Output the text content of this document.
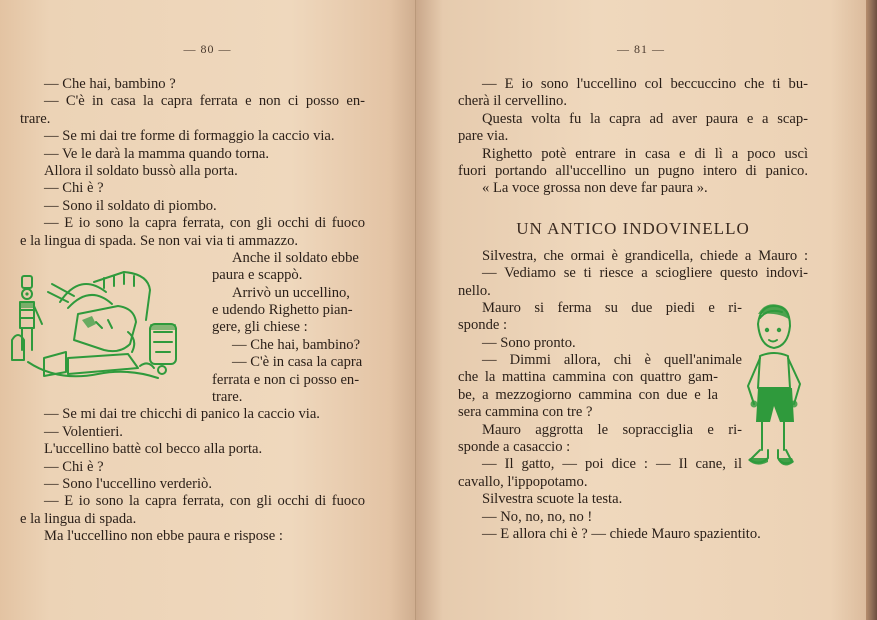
— 80 —
— Che hai, bambino ?
— C'è in casa la capra ferrata e non ci posso en-
trare.
— Se mi dai tre forme di formaggio la caccio via.
— Ve le darà la mamma quando torna.
Allora il soldato bussò alla porta.
— Chi è ?
— Sono il soldato di piombo.
— E io sono la capra ferrata, con gli occhi di fuoco
e la lingua di spada. Se non vai via ti ammazzo.
Anche il soldato ebbe
paura e scappò.
Arrivò un uccellino,
e udendo Righetto pian-
gere, gli chiese :
— Che hai, bambino?
— C'è in casa la capra
ferrata e non ci posso en-
trare.
— Se mi dai tre chicchi di panico la caccio via.
— Volentieri.
L'uccellino battè col becco alla porta.
— Chi è ?
— Sono l'uccellino verderiò.
— E io sono la capra ferrata, con gli occhi di fuoco
e la lingua di spada.
Ma l'uccellino non ebbe paura e rispose :
— 81 —
— E io sono l'uccellino col beccuccino che ti bu-
cherà il cervellino.
Questa volta fu la capra ad aver paura e a scap-
pare via.
Righetto potè entrare in casa e di lì a poco uscì
fuori portando all'uccellino un pugno intero di panico.
« La voce grossa non deve far paura ».
UN ANTICO INDOVINELLO
Silvestra, che ormai è grandicella, chiede a Mauro :
— Vediamo se ti riesce a sciogliere questo indovi-
nello.
Mauro si ferma su due piedi e ri-
sponde :
— Sono pronto.
— Dimmi allora, chi è quell'animale
che la mattina cammina con quattro gam-
be, a mezzogiorno cammina con due e la
sera cammina con tre ?
Mauro aggrotta le sopracciglia e ri-
sponde a casaccio :
— Il gatto, — poi dice : — Il cane, il
cavallo, l'ippopotamo.
Silvestra scuote la testa.
— No, no, no, no !
— E allora chi è ? — chiede Mauro spazientito.
